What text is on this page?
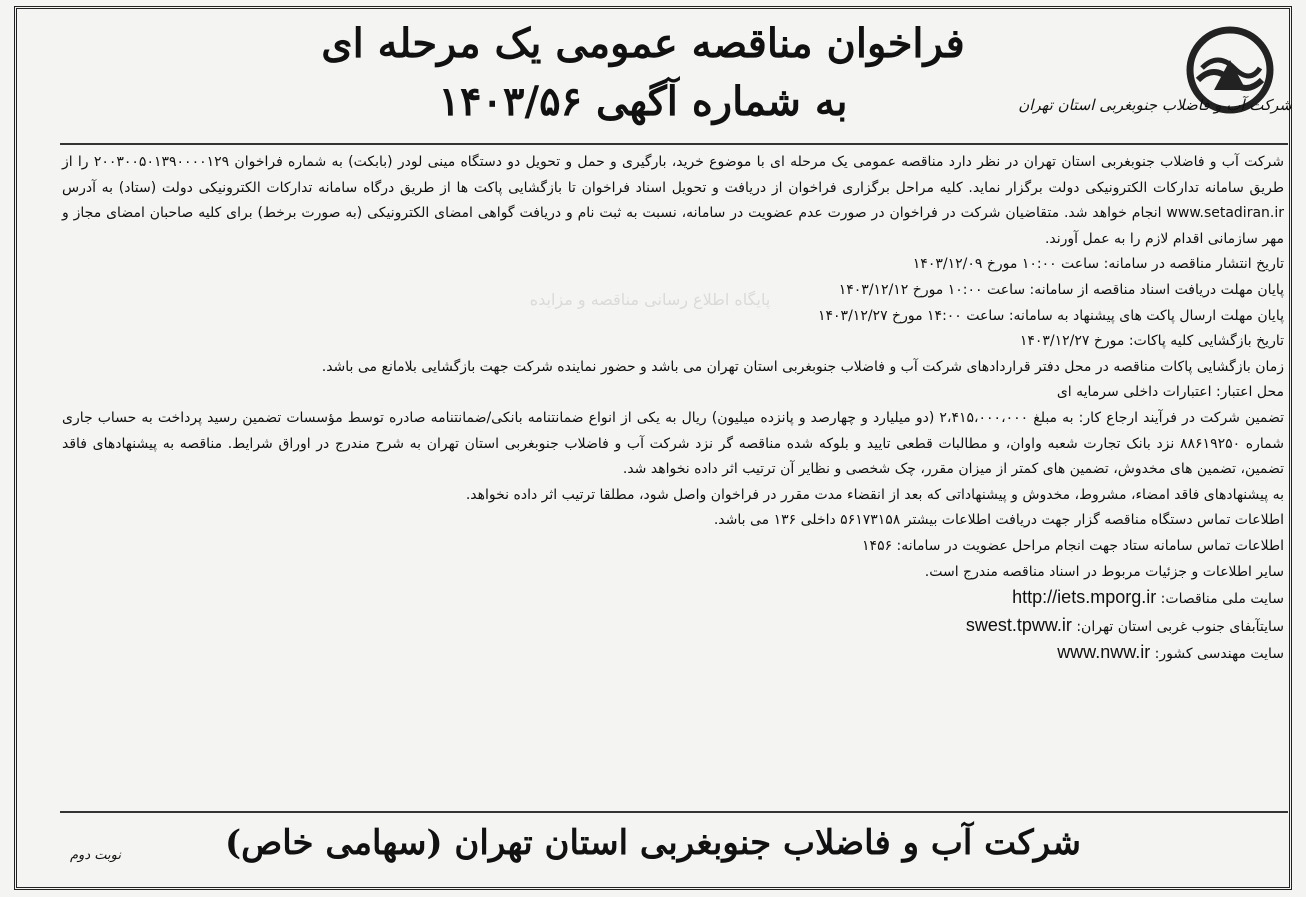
شرکت آب و فاضلاب جنوبغربی استان تهران
فراخوان مناقصه عمومی یک مرحله ای
به شماره آگهی ۱۴۰۳/۵۶
پایگاه اطلاع رسانی مناقصه و مزایده

شرکت آب و فاضلاب جنوبغربی استان تهران در نظر دارد مناقصه عمومی یک مرحله ای با موضوع خرید، بارگیری و حمل و تحویل دو دستگاه مینی لودر (بابکت) به شماره فراخوان ۲۰۰۳۰۰۵۰۱۳۹۰۰۰۰۱۲۹ را از طریق سامانه تدارکات الکترونیکی دولت برگزار نماید. کلیه مراحل برگزاری فراخوان از دریافت و تحویل اسناد فراخوان تا بازگشایی پاکت ها از طریق درگاه سامانه تدارکات الکترونیکی دولت (ستاد) به آدرس www.setadiran.ir انجام خواهد شد. متقاضیان شرکت در فراخوان در صورت عدم عضویت در سامانه، نسبت به ثبت نام و دریافت گواهی امضای الکترونیکی (به صورت برخط) برای کلیه صاحبان امضای مجاز و مهر سازمانی اقدام لازم را به عمل آورند.

تاریخ انتشار مناقصه در سامانه: ساعت ۱۰:۰۰ مورخ ۱۴۰۳/۱۲/۰۹

پایان مهلت دریافت اسناد مناقصه از سامانه: ساعت ۱۰:۰۰ مورخ ۱۴۰۳/۱۲/۱۲

پایان مهلت ارسال پاکت های پیشنهاد به سامانه: ساعت ۱۴:۰۰ مورخ ۱۴۰۳/۱۲/۲۷

تاریخ بازگشایی کلیه پاکات: مورخ ۱۴۰۳/۱۲/۲۷

زمان بازگشایی پاکات مناقصه در محل دفتر قراردادهای شرکت آب و فاضلاب جنوبغربی استان تهران می باشد و حضور نماینده شرکت جهت بازگشایی بلامانع می باشد.

محل اعتبار: اعتبارات داخلی سرمایه ای

تضمین شرکت در فرآیند ارجاع کار: به مبلغ ۲،۴۱۵،۰۰۰،۰۰۰ (دو میلیارد و چهارصد و پانزده میلیون) ریال به یکی از انواع ضمانتنامه بانکی/ضمانتنامه صادره توسط مؤسسات تضمین رسید پرداخت به حساب جاری شماره ۸۸۶۱۹۲۵۰ نزد بانک تجارت شعبه واوان، و مطالبات قطعی تایید و بلوکه شده مناقصه گر نزد شرکت آب و فاضلاب جنوبغربی استان تهران به شرح مندرج در اوراق شرایط. مناقصه به پیشنهادهای فاقد تضمین، تضمین های مخدوش، تضمین های کمتر از میزان مقرر، چک شخصی و نظایر آن ترتیب اثر داده نخواهد شد.

به پیشنهادهای فاقد امضاء، مشروط، مخدوش و پیشنهاداتی که بعد از انقضاء مدت مقرر در فراخوان واصل شود، مطلقا ترتیب اثر داده نخواهد.

اطلاعات تماس دستگاه مناقصه گزار جهت دریافت اطلاعات بیشتر ۵۶۱۷۳۱۵۸ داخلی ۱۳۶ می باشد.

اطلاعات تماس سامانه ستاد جهت انجام مراحل عضویت در سامانه: ۱۴۵۶

سایر اطلاعات و جزئیات مربوط در اسناد مناقصه مندرج است.

سایت ملی مناقصات: http://iets.mporg.ir

سایتآبفای جنوب غربی استان تهران: swest.tpww.ir

سایت مهندسی کشور: www.nww.ir

شرکت آب و فاضلاب جنوبغربی استان تهران (سهامی خاص)
نوبت دوم
